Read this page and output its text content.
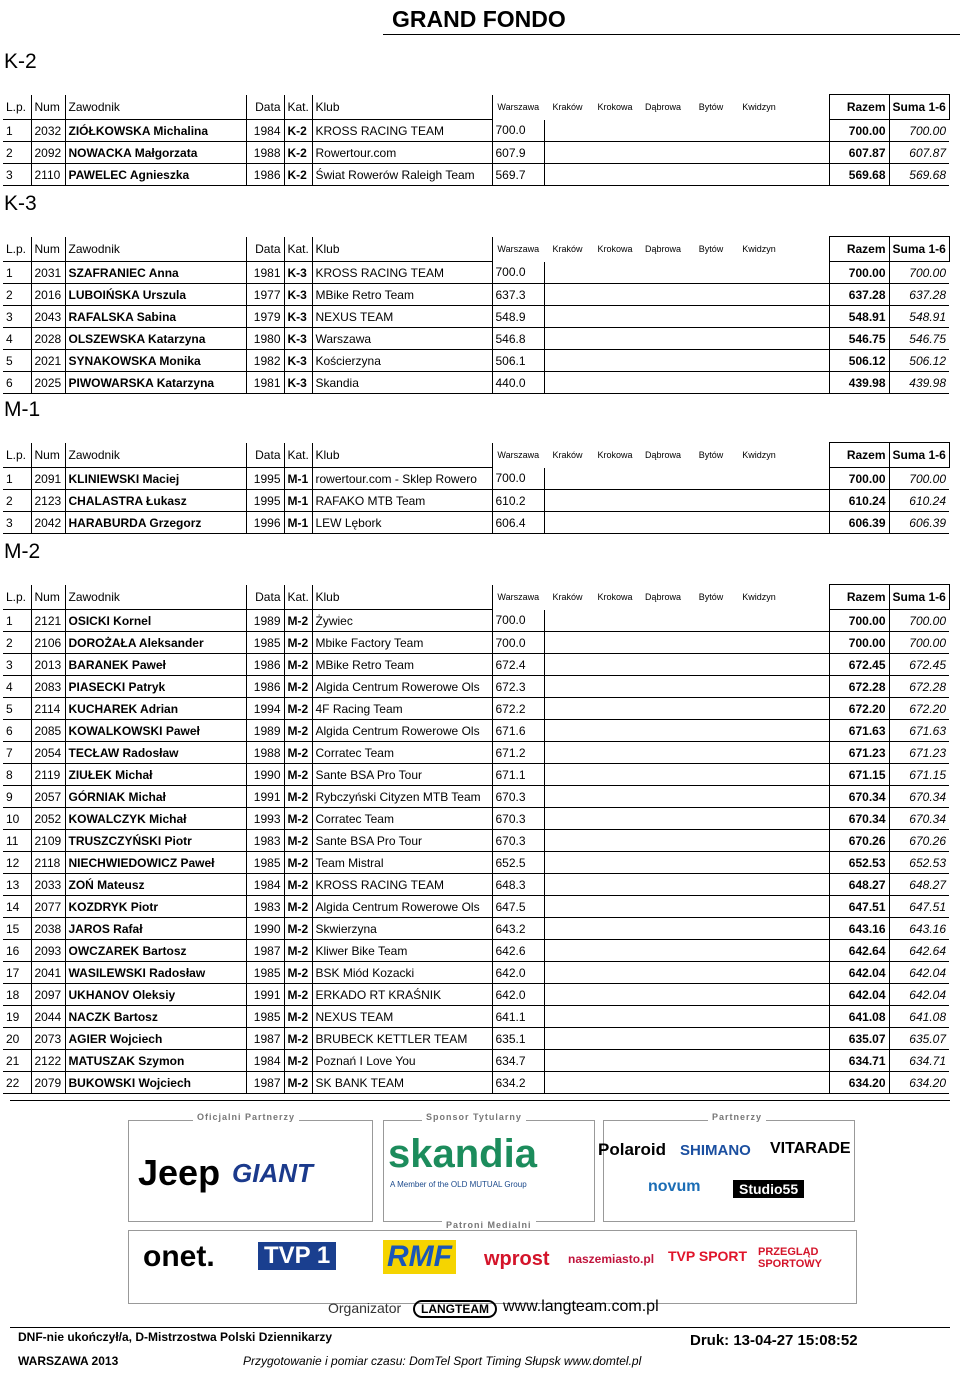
GRAND FONDO
K-2
L.p.	Num	Zawodnik	Data	Kat.	Klub	Warszawa	Kraków	Krokowa	Dąbrowa	Bytów	Kwidzyn		Razem	Suma 1-6
1	2032	ZIÓŁKOWSKA Michalina	1984	K-2	KROSS RACING TEAM	700.0							700.00	700.00
2	2092	NOWACKA Małgorzata	1988	K-2	Rowertour.com	607.9							607.87	607.87
3	2110	PAWELEC Agnieszka	1986	K-2	Świat Rowerów Raleigh Team	569.7							569.68	569.68
K-3
L.p.	Num	Zawodnik	Data	Kat.	Klub	Warszawa	Kraków	Krokowa	Dąbrowa	Bytów	Kwidzyn		Razem	Suma 1-6
1	2031	SZAFRANIEC Anna	1981	K-3	KROSS RACING TEAM	700.0							700.00	700.00
2	2016	LUBOIŃSKA Urszula	1977	K-3	MBike Retro Team	637.3							637.28	637.28
3	2043	RAFALSKA Sabina	1979	K-3	NEXUS TEAM	548.9							548.91	548.91
4	2028	OLSZEWSKA Katarzyna	1980	K-3	Warszawa	546.8							546.75	546.75
5	2021	SYNAKOWSKA Monika	1982	K-3	Kościerzyna	506.1							506.12	506.12
6	2025	PIWOWARSKA Katarzyna	1981	K-3	Skandia	440.0							439.98	439.98
M-1
L.p.	Num	Zawodnik	Data	Kat.	Klub	Warszawa	Kraków	Krokowa	Dąbrowa	Bytów	Kwidzyn		Razem	Suma 1-6
1	2091	KLINIEWSKI Maciej	1995	M-1	rowertour.com - Sklep Rowero	700.0							700.00	700.00
2	2123	CHALASTRA Łukasz	1995	M-1	RAFAKO MTB Team	610.2							610.24	610.24
3	2042	HARABURDA Grzegorz	1996	M-1	LEW Lębork	606.4							606.39	606.39
M-2
L.p.	Num	Zawodnik	Data	Kat.	Klub	Warszawa	Kraków	Krokowa	Dąbrowa	Bytów	Kwidzyn		Razem	Suma 1-6
1	2121	OSICKI Kornel	1989	M-2	Żywiec	700.0							700.00	700.00
2	2106	DOROŻAŁA Aleksander	1985	M-2	Mbike Factory Team	700.0							700.00	700.00
3	2013	BARANEK Paweł	1986	M-2	MBike Retro Team	672.4							672.45	672.45
4	2083	PIASECKI Patryk	1986	M-2	Algida Centrum Rowerowe Ols	672.3							672.28	672.28
5	2114	KUCHAREK Adrian	1994	M-2	4F Racing Team	672.2							672.20	672.20
6	2085	KOWALKOWSKI Paweł	1989	M-2	Algida Centrum Rowerowe Ols	671.6							671.63	671.63
7	2054	TECŁAW Radosław	1988	M-2	Corratec Team	671.2							671.23	671.23
8	2119	ZIUŁEK Michał	1990	M-2	Sante BSA Pro Tour	671.1							671.15	671.15
9	2057	GÓRNIAK Michał	1991	M-2	Rybczyński Cityzen MTB Team	670.3							670.34	670.34
10	2052	KOWALCZYK Michał	1993	M-2	Corratec Team	670.3							670.34	670.34
11	2109	TRUSZCZYŃSKI Piotr	1983	M-2	Sante BSA Pro Tour	670.3							670.26	670.26
12	2118	NIECHWIEDOWICZ Paweł	1985	M-2	Team Mistral	652.5							652.53	652.53
13	2033	ZOŃ Mateusz	1984	M-2	KROSS RACING TEAM	648.3							648.27	648.27
14	2077	KOZDRYK Piotr	1983	M-2	Algida Centrum Rowerowe Ols	647.5							647.51	647.51
15	2038	JAROS Rafał	1990	M-2	Skwierzyna	643.2							643.16	643.16
16	2093	OWCZAREK Bartosz	1987	M-2	Kliwer Bike Team	642.6							642.64	642.64
17	2041	WASILEWSKI Radosław	1985	M-2	BSK Miód Kozacki	642.0							642.04	642.04
18	2097	UKHANOV Oleksiy	1991	M-2	ERKADO RT KRAŚNIK	642.0							642.04	642.04
19	2044	NACZK Bartosz	1985	M-2	NEXUS TEAM	641.1							641.08	641.08
20	2073	AGIER Wojciech	1987	M-2	BRUBECK KETTLER TEAM	635.1							635.07	635.07
21	2122	MATUSZAK Szymon	1984	M-2	Poznań I Love You	634.7							634.71	634.71
22	2079	BUKOWSKI Wojciech	1987	M-2	SK BANK TEAM	634.2							634.20	634.20
Oficjalni Partnerzy
Jeep GIANT
Sponsor Tytularny
skandia
A Member of the OLD MUTUAL Group
Partnerzy
Polaroid SHIMANO VITARADE
novum	Studio55
Patroni Medialni
onet. TVP 1 RMF wprost naszemiasto.pl TVP SPORT PRZEGLĄD SPORTOWY
Organizator	LANGTEAM www.langteam.com.pl
DNF-nie ukończył/a, D-Mistrzostwa Polski Dziennikarzy
WARSZAWA 2013	Przygotowanie i pomiar czasu: DomTel Sport Timing Słupsk www.domtel.pl
Druk: 13-04-27 15:08:52
